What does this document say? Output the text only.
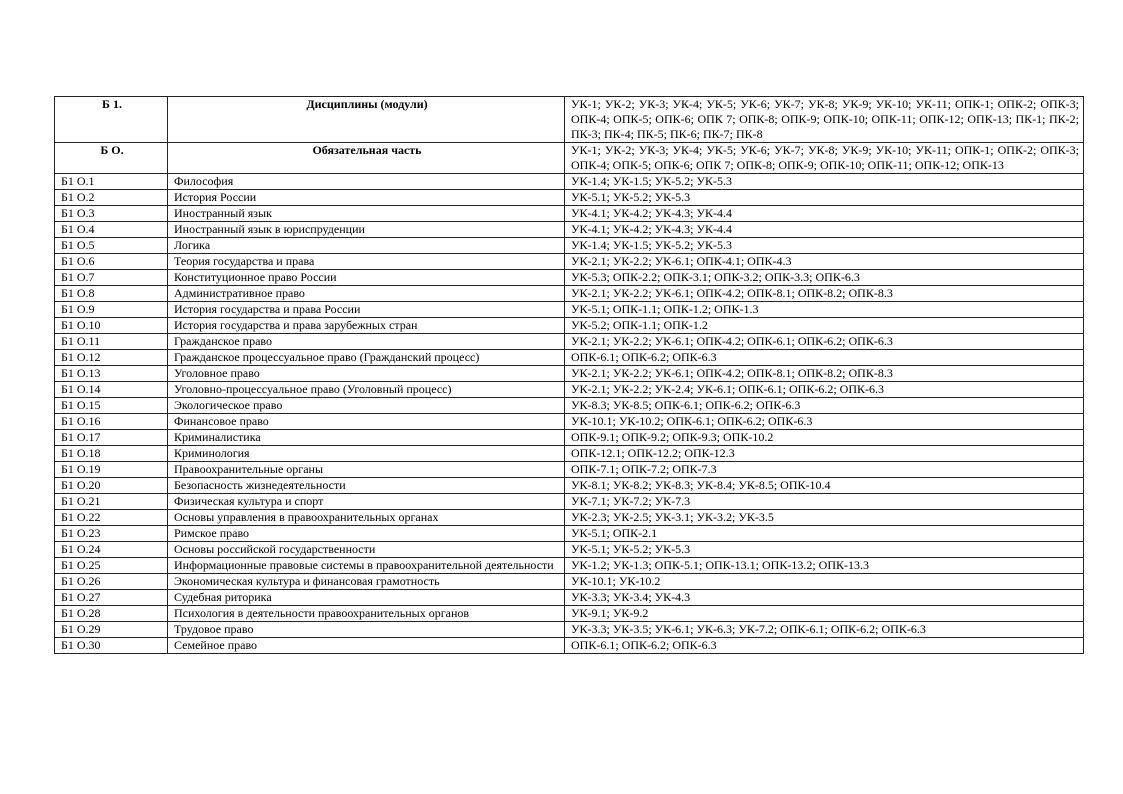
Б 1.	Дисциплины (модули)	УК-1; УК-2; УК-3; УК-4; УК-5; УК-6; УК-7; УК-8; УК-9; УК-10; УК-11; ОПК-1; ОПК-2; ОПК-3; ОПК-4; ОПК-5; ОПК-6; ОПК 7; ОПК-8; ОПК-9; ОПК-10; ОПК-11; ОПК-12; ОПК-13; ПК-1; ПК-2; ПК-3; ПК-4; ПК-5; ПК-6; ПК-7; ПК-8
Б О.	Обязательная часть	УК-1; УК-2; УК-3; УК-4; УК-5; УК-6; УК-7; УК-8; УК-9; УК-10; УК-11; ОПК-1; ОПК-2; ОПК-3; ОПК-4; ОПК-5; ОПК-6; ОПК 7; ОПК-8; ОПК-9; ОПК-10; ОПК-11; ОПК-12; ОПК-13
Б1 О.1	Философия	УК-1.4; УК-1.5; УК-5.2; УК-5.3
Б1 О.2	История России	УК-5.1; УК-5.2; УК-5.3
Б1 О.3	Иностранный язык	УК-4.1; УК-4.2; УК-4.3; УК-4.4
Б1 О.4	Иностранный язык в юриспруденции	УК-4.1; УК-4.2; УК-4.3; УК-4.4
Б1 О.5	Логика	УК-1.4; УК-1.5; УК-5.2; УК-5.3
Б1 О.6	Теория государства и права	УК-2.1; УК-2.2; УК-6.1; ОПК-4.1; ОПК-4.3
Б1 О.7	Конституционное право России	УК-5.3; ОПК-2.2; ОПК-3.1; ОПК-3.2; ОПК-3.3; ОПК-6.3
Б1 О.8	Административное право	УК-2.1; УК-2.2; УК-6.1; ОПК-4.2; ОПК-8.1; ОПК-8.2; ОПК-8.3
Б1 О.9	История государства и права России	УК-5.1; ОПК-1.1; ОПК-1.2; ОПК-1.3
Б1 О.10	История государства и права зарубежных стран	УК-5.2; ОПК-1.1; ОПК-1.2
Б1 О.11	Гражданское право	УК-2.1; УК-2.2; УК-6.1; ОПК-4.2; ОПК-6.1; ОПК-6.2; ОПК-6.3
Б1 О.12	Гражданское процессуальное право (Гражданский процесс)	ОПК-6.1; ОПК-6.2; ОПК-6.3
Б1 О.13	Уголовное право	УК-2.1; УК-2.2; УК-6.1; ОПК-4.2; ОПК-8.1; ОПК-8.2; ОПК-8.3
Б1 О.14	Уголовно-процессуальное право (Уголовный процесс)	УК-2.1; УК-2.2; УК-2.4; УК-6.1; ОПК-6.1; ОПК-6.2; ОПК-6.3
Б1 О.15	Экологическое право	УК-8.3; УК-8.5; ОПК-6.1; ОПК-6.2; ОПК-6.3
Б1 О.16	Финансовое право	УК-10.1; УК-10.2; ОПК-6.1; ОПК-6.2; ОПК-6.3
Б1 О.17	Криминалистика	ОПК-9.1; ОПК-9.2; ОПК-9.3; ОПК-10.2
Б1 О.18	Криминология	ОПК-12.1; ОПК-12.2; ОПК-12.3
Б1 О.19	Правоохранительные органы	ОПК-7.1; ОПК-7.2; ОПК-7.3
Б1 О.20	Безопасность жизнедеятельности	УК-8.1; УК-8.2; УК-8.3; УК-8.4; УК-8.5; ОПК-10.4
Б1 О.21	Физическая культура и спорт	УК-7.1; УК-7.2; УК-7.3
Б1 О.22	Основы управления в правоохранительных органах	УК-2.3; УК-2.5; УК-3.1; УК-3.2; УК-3.5
Б1 О.23	Римское право	УК-5.1; ОПК-2.1
Б1 О.24	Основы российской государственности	УК-5.1; УК-5.2; УК-5.3
Б1 О.25	Информационные правовые системы в правоохранительной деятельности	УК-1.2; УК-1.3; ОПК-5.1; ОПК-13.1; ОПК-13.2; ОПК-13.3
Б1 О.26	Экономическая культура и финансовая грамотность	УК-10.1; УК-10.2
Б1 О.27	Судебная риторика	УК-3.3; УК-3.4; УК-4.3
Б1 О.28	Психология в деятельности правоохранительных органов	УК-9.1; УК-9.2
Б1 О.29	Трудовое право	УК-3.3; УК-3.5; УК-6.1; УК-6.3; УК-7.2; ОПК-6.1; ОПК-6.2; ОПК-6.3
Б1 О.30	Семейное право	ОПК-6.1; ОПК-6.2; ОПК-6.3
